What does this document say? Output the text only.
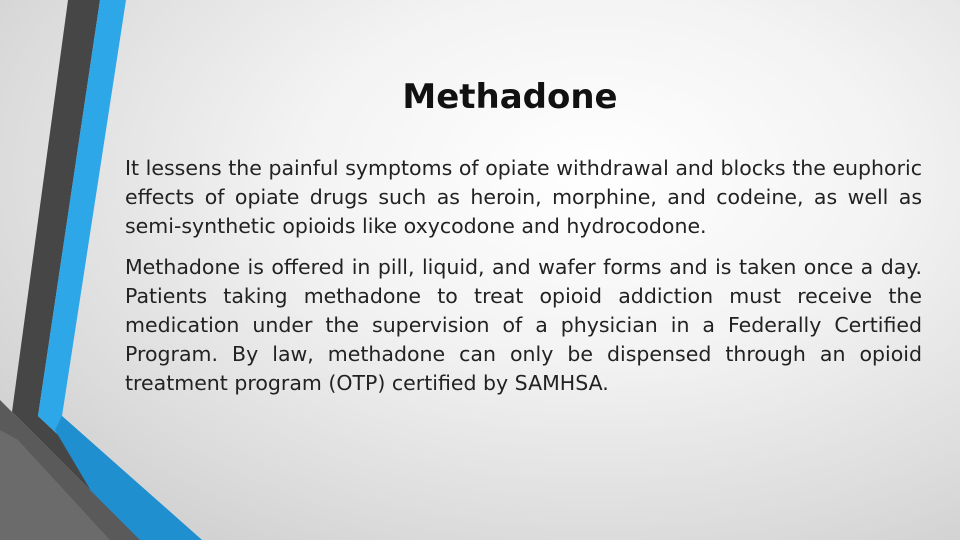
Methadone

It lessens the painful symptoms of opiate withdrawal and blocks the euphoric effects of opiate drugs such as heroin, morphine, and codeine, as well as semi-synthetic opioids like oxycodone and hydrocodone.

Methadone is offered in pill, liquid, and wafer forms and is taken once a day. Patients taking methadone to treat opioid addiction must receive the medication under the supervision of a physician in a Federally Certified Program. By law, methadone can only be dispensed through an opioid treatment program (OTP) certified by SAMHSA.
